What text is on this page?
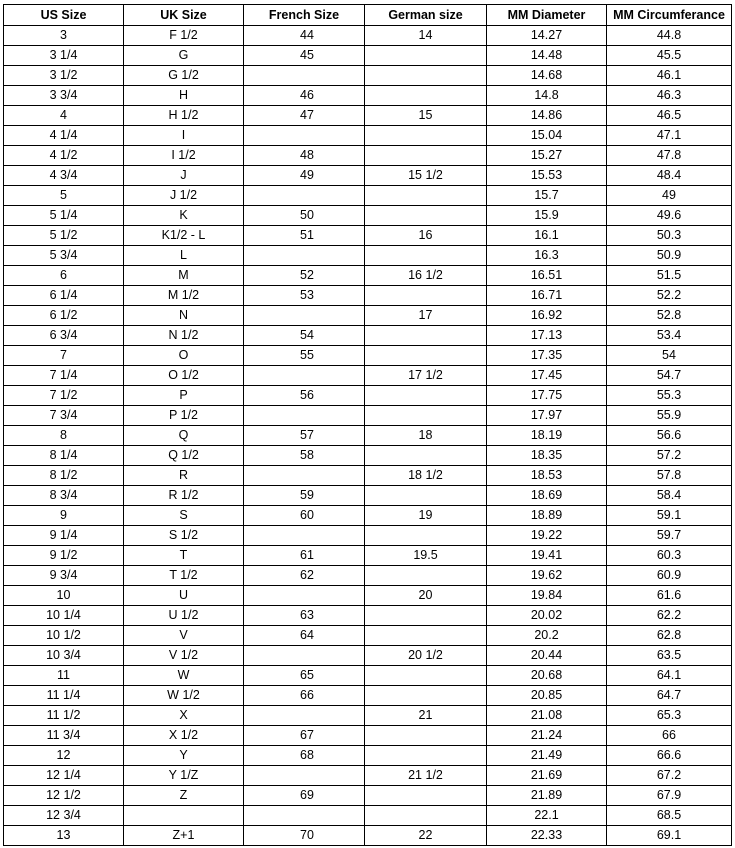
US Size	UK Size	French Size	German size	MM Diameter	MM Circumferance
3	F 1/2	44	14	14.27	44.8
3 1/4	G	45		14.48	45.5
3 1/2	G 1/2			14.68	46.1
3 3/4	H	46		14.8	46.3
4	H 1/2	47	15	14.86	46.5
4 1/4	I			15.04	47.1
4 1/2	I 1/2	48		15.27	47.8
4 3/4	J	49	15 1/2	15.53	48.4
5	J 1/2			15.7	49
5 1/4	K	50		15.9	49.6
5 1/2	K1/2 - L	51	16	16.1	50.3
5 3/4	L			16.3	50.9
6	M	52	16 1/2	16.51	51.5
6 1/4	M 1/2	53		16.71	52.2
6 1/2	N		17	16.92	52.8
6 3/4	N 1/2	54		17.13	53.4
7	O	55		17.35	54
7 1/4	O 1/2		17 1/2	17.45	54.7
7 1/2	P	56		17.75	55.3
7 3/4	P 1/2			17.97	55.9
8	Q	57	18	18.19	56.6
8 1/4	Q 1/2	58		18.35	57.2
8 1/2	R		18 1/2	18.53	57.8
8 3/4	R 1/2	59		18.69	58.4
9	S	60	19	18.89	59.1
9 1/4	S 1/2			19.22	59.7
9 1/2	T	61	19.5	19.41	60.3
9 3/4	T 1/2	62		19.62	60.9
10	U		20	19.84	61.6
10 1/4	U 1/2	63		20.02	62.2
10 1/2	V	64		20.2	62.8
10 3/4	V 1/2		20 1/2	20.44	63.5
11	W	65		20.68	64.1
11 1/4	W 1/2	66		20.85	64.7
11 1/2	X		21	21.08	65.3
11 3/4	X 1/2	67		21.24	66
12	Y	68		21.49	66.6
12 1/4	Y 1/Z		21 1/2	21.69	67.2
12 1/2	Z	69		21.89	67.9
12 3/4				22.1	68.5
13	Z+1	70	22	22.33	69.1
